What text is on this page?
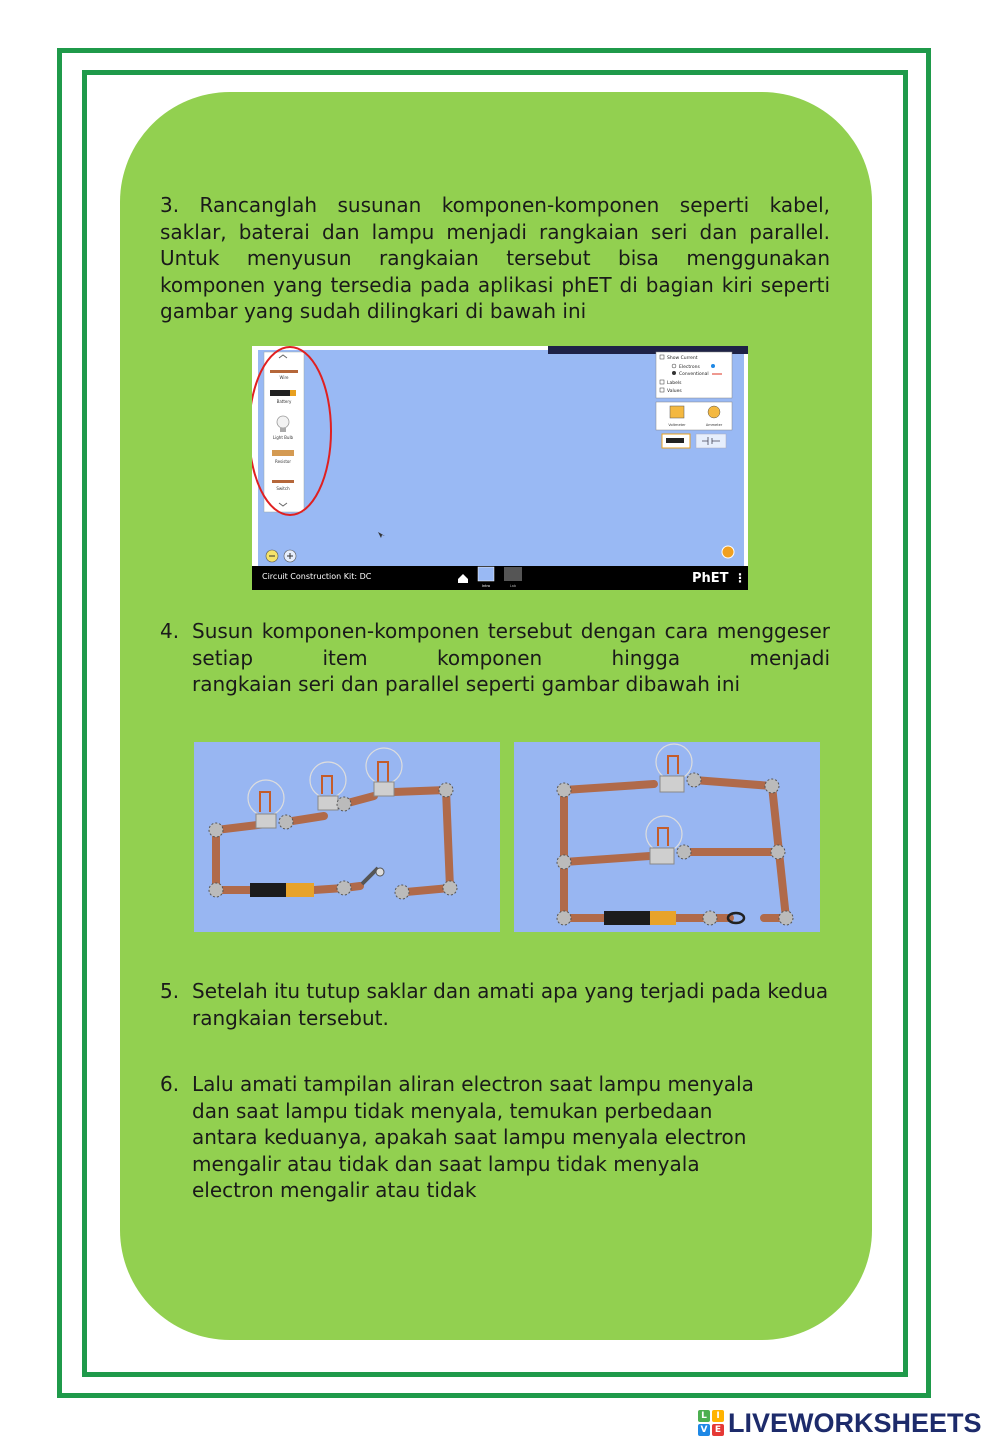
3. Rancanglah susunan komponen-komponen seperti kabel, saklar, baterai dan lampu menjadi rangkaian seri dan parallel. Untuk menyusun rangkaian tersebut bisa menggunakan komponen yang tersedia pada aplikasi phET di bagian kiri seperti gambar yang sudah dilingkari di bawah ini
Wire
Battery
Light Bulb
Resistor
Switch
Show Current
Electrons
Conventional
Labels
Values
Voltmeter	Ammeter
Circuit Construction Kit: DC
Intro	Lab	PhET ⋮
4. Susun komponen-komponen tersebut dengan cara menggeser setiap item komponen hingga menjadi
rangkaian seri dan parallel seperti gambar dibawah ini
5. Setelah itu tutup saklar dan amati apa yang terjadi pada kedua rangkaian tersebut.
6. Lalu amati tampilan aliran electron saat lampu menyala
dan saat lampu tidak menyala, temukan perbedaan
antara keduanya, apakah saat lampu menyala electron
mengalir atau tidak dan saat lampu tidak menyala
electron mengalir atau tidak
L	I
V E LIVEWORKSHEETS
